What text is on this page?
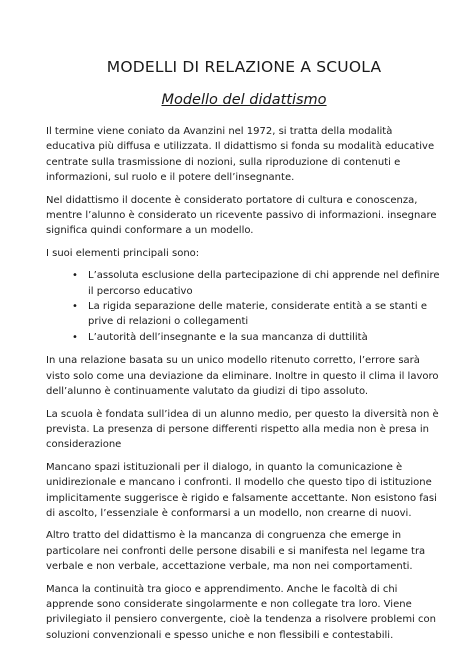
MODELLI DI RELAZIONE A SCUOLA
Modello del didattismo

Il termine viene coniato da Avanzini nel 1972, si tratta della modalità educativa più diffusa e utilizzata. Il didattismo si fonda su modalità educative centrate sulla trasmissione di nozioni, sulla riproduzione di contenuti e informazioni, sul ruolo e il potere dell’insegnante.

Nel didattismo il docente è considerato portatore di cultura e conoscenza, mentre l’alunno è considerato un ricevente passivo di informazioni. insegnare significa quindi conformare a un modello.

I suoi elementi principali sono:

• L’assoluta esclusione della partecipazione di chi apprende nel definire il percorso educativo
• La rigida separazione delle materie, considerate entità a se stanti e prive di relazioni o collegamenti
• L’autorità dell’insegnante e la sua mancanza di duttilità

In una relazione basata su un unico modello ritenuto corretto, l’errore sarà visto solo come una deviazione da eliminare. Inoltre in questo il clima il lavoro dell’alunno è continuamente valutato da giudizi di tipo assoluto.

La scuola è fondata sull’idea di un alunno medio, per questo la diversità non è prevista. La presenza di persone differenti rispetto alla media non è presa in considerazione

Mancano spazi istituzionali per il dialogo, in quanto la comunicazione è unidirezionale e mancano i confronti. Il modello che questo tipo di istituzione implicitamente suggerisce è rigido e falsamente accettante. Non esistono fasi di ascolto, l’essenziale è conformarsi a un modello, non crearne di nuovi.

Altro tratto del didattismo è la mancanza di congruenza che emerge in particolare nei confronti delle persone disabili e si manifesta nel legame tra verbale e non verbale, accettazione verbale, ma non nei comportamenti.

Manca la continuità tra gioco e apprendimento. Anche le facoltà di chi apprende sono considerate singolarmente e non collegate tra loro. Viene privilegiato il pensiero convergente, cioè la tendenza a risolvere problemi con soluzioni convenzionali e spesso uniche e non flessibili e contestabili.
